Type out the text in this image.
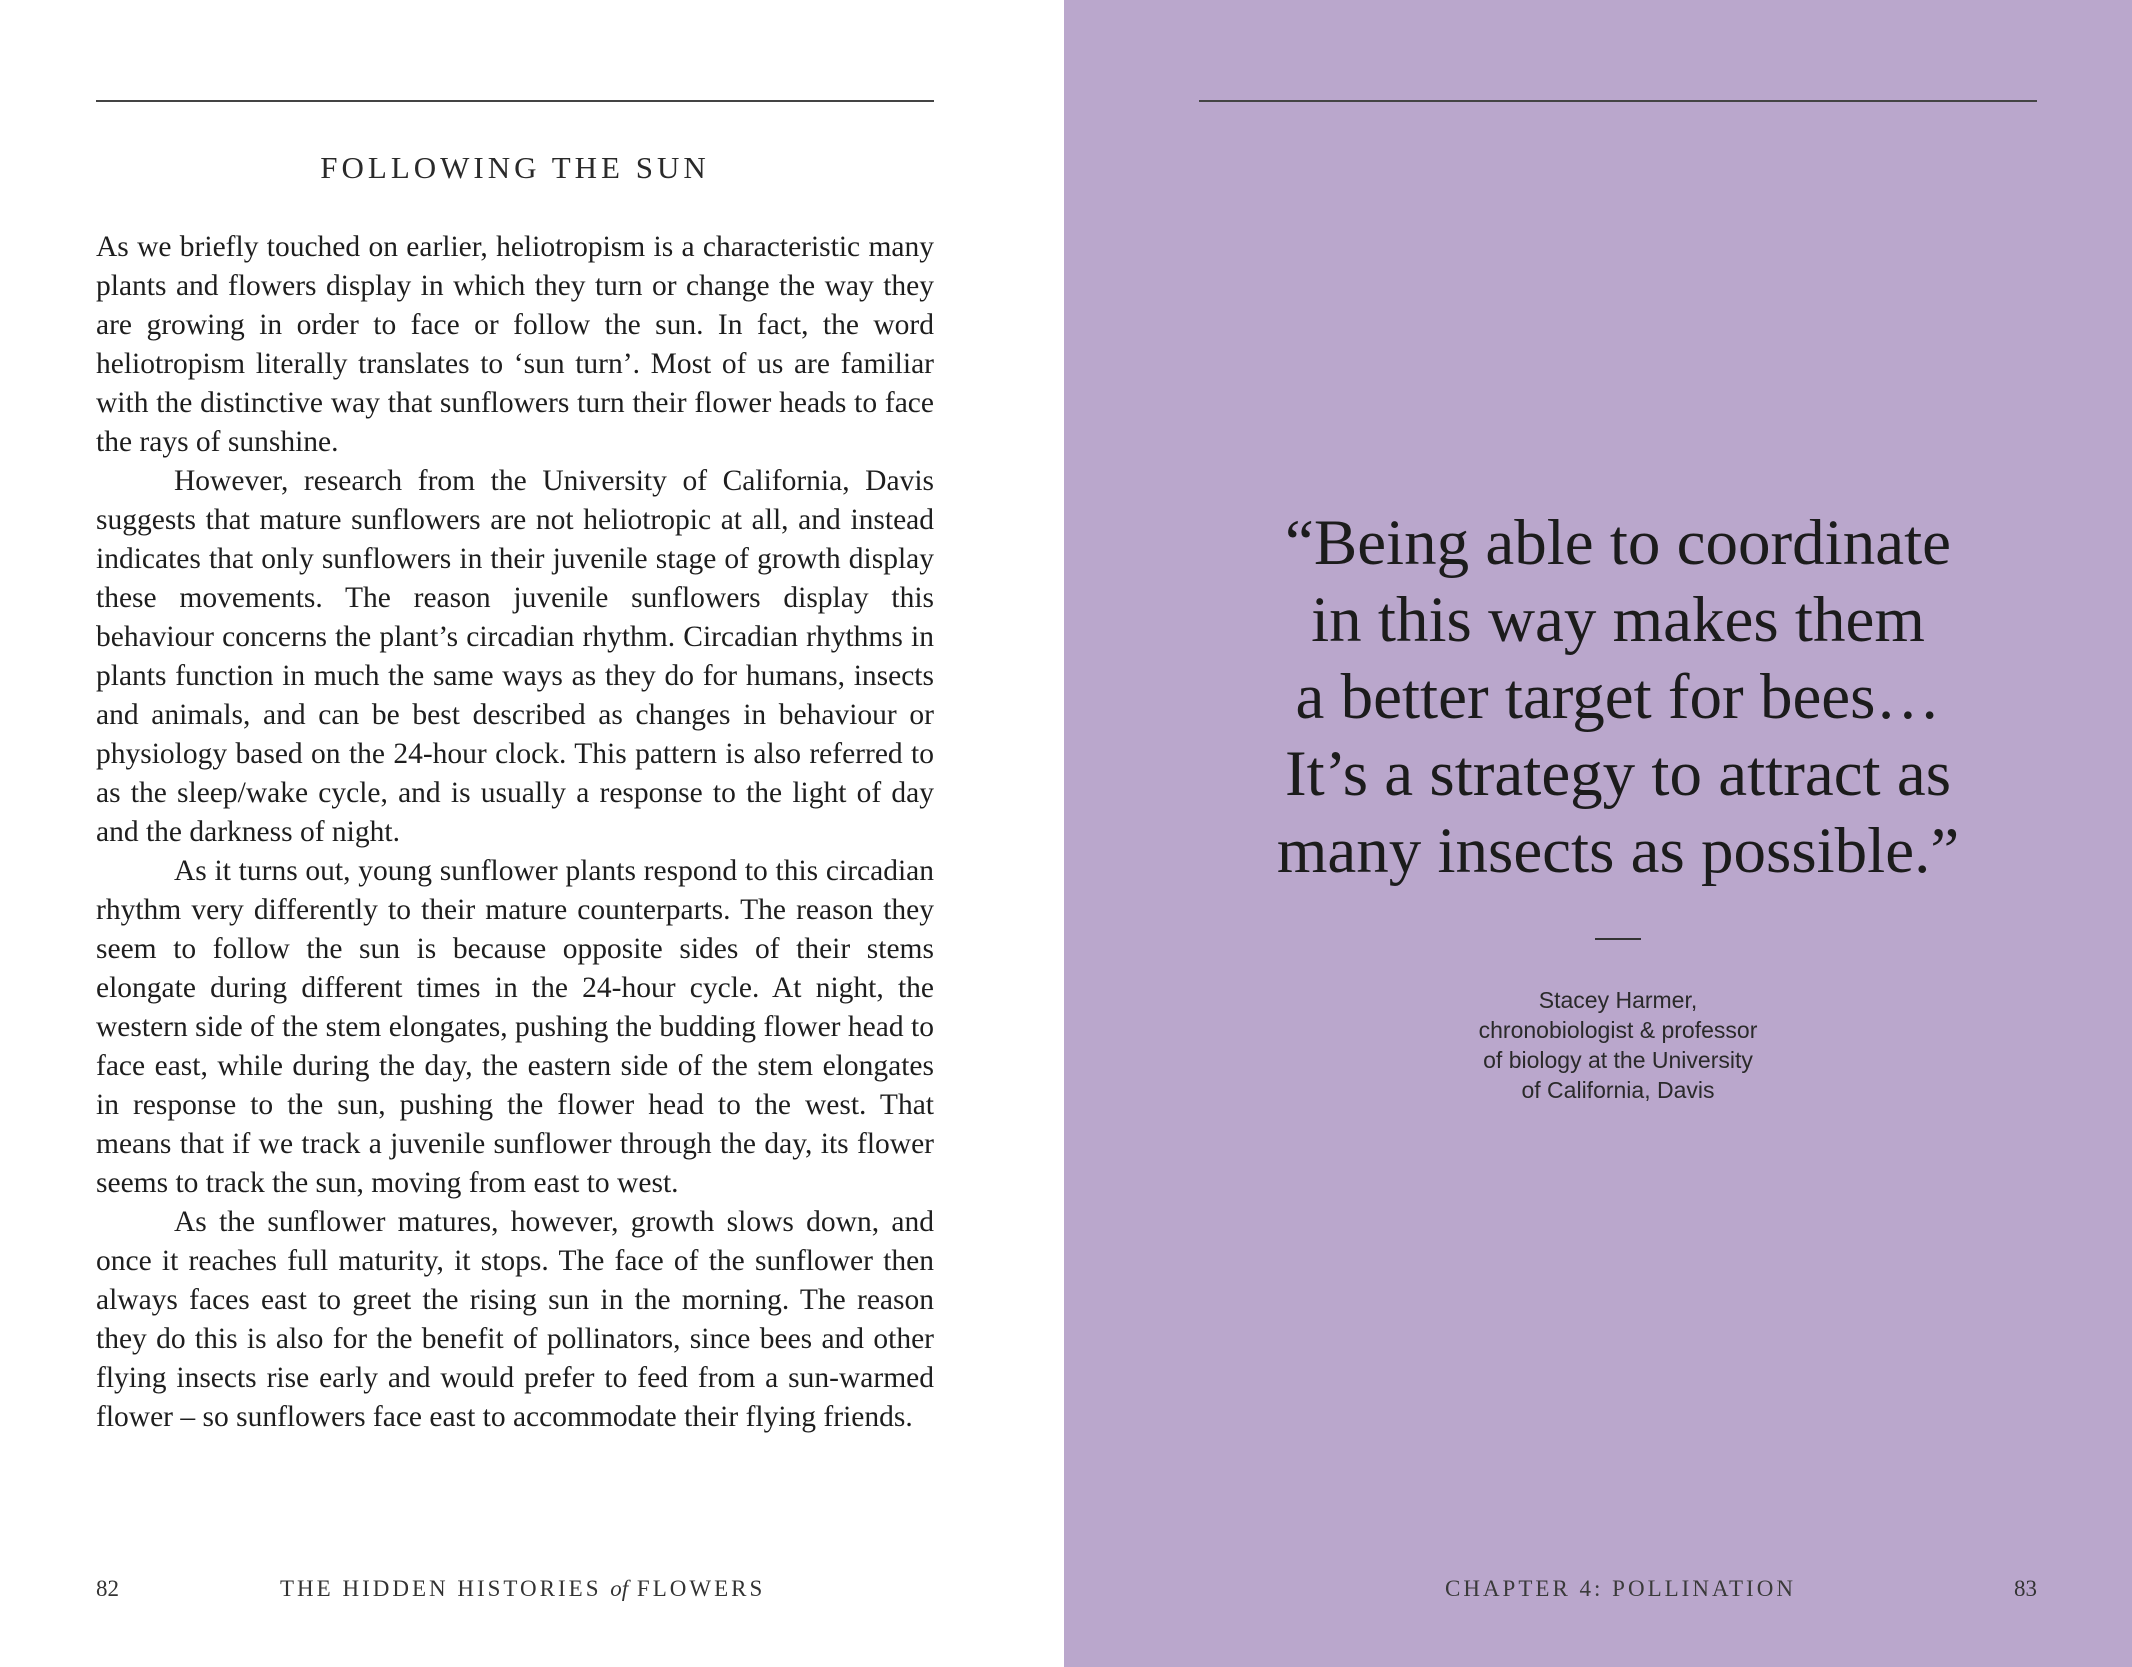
FOLLOWING THE SUN

As we briefly touched on earlier, heliotropism is a characteristic many plants and flowers display in which they turn or change the way they are growing in order to face or follow the sun. In fact, the word heliotropism literally translates to ‘sun turn’. Most of us are familiar with the distinctive way that sunflowers turn their flower heads to face the rays of sunshine.

However, research from the University of California, Davis suggests that mature sunflowers are not heliotropic at all, and instead indicates that only sunflowers in their juvenile stage of growth display these movements. The reason juvenile sunflowers display this behaviour concerns the plant’s circadian rhythm. Circadian rhythms in plants function in much the same ways as they do for humans, insects and animals, and can be best described as changes in behaviour or physiology based on the 24-hour clock. This pattern is also referred to as the sleep/wake cycle, and is usually a response to the light of day and the darkness of night.

As it turns out, young sunflower plants respond to this circadian rhythm very differently to their mature counterparts. The reason they seem to follow the sun is because opposite sides of their stems elongate during different times in the 24-hour cycle. At night, the western side of the stem elongates, pushing the budding flower head to face east, while during the day, the eastern side of the stem elongates in response to the sun, pushing the flower head to the west. That means that if we track a juvenile sunflower through the day, its flower seems to track the sun, moving from east to west.

As the sunflower matures, however, growth slows down, and once it reaches full maturity, it stops. The face of the sunflower then always faces east to greet the rising sun in the morning. The reason they do this is also for the benefit of pollinators, since bees and other flying insects rise early and would prefer to feed from a sun-warmed flower – so sunflowers face east to accommodate their flying friends.

82	THE HIDDEN HISTORIES of FLOWERS
“Being able to coordinate
in this way makes them
a better target for bees…
It’s a strategy to attract as
many insects as possible.”
Stacey Harmer,
chronobiologist & professor
of biology at the University
of California, Davis
CHAPTER 4: POLLINATION	83
